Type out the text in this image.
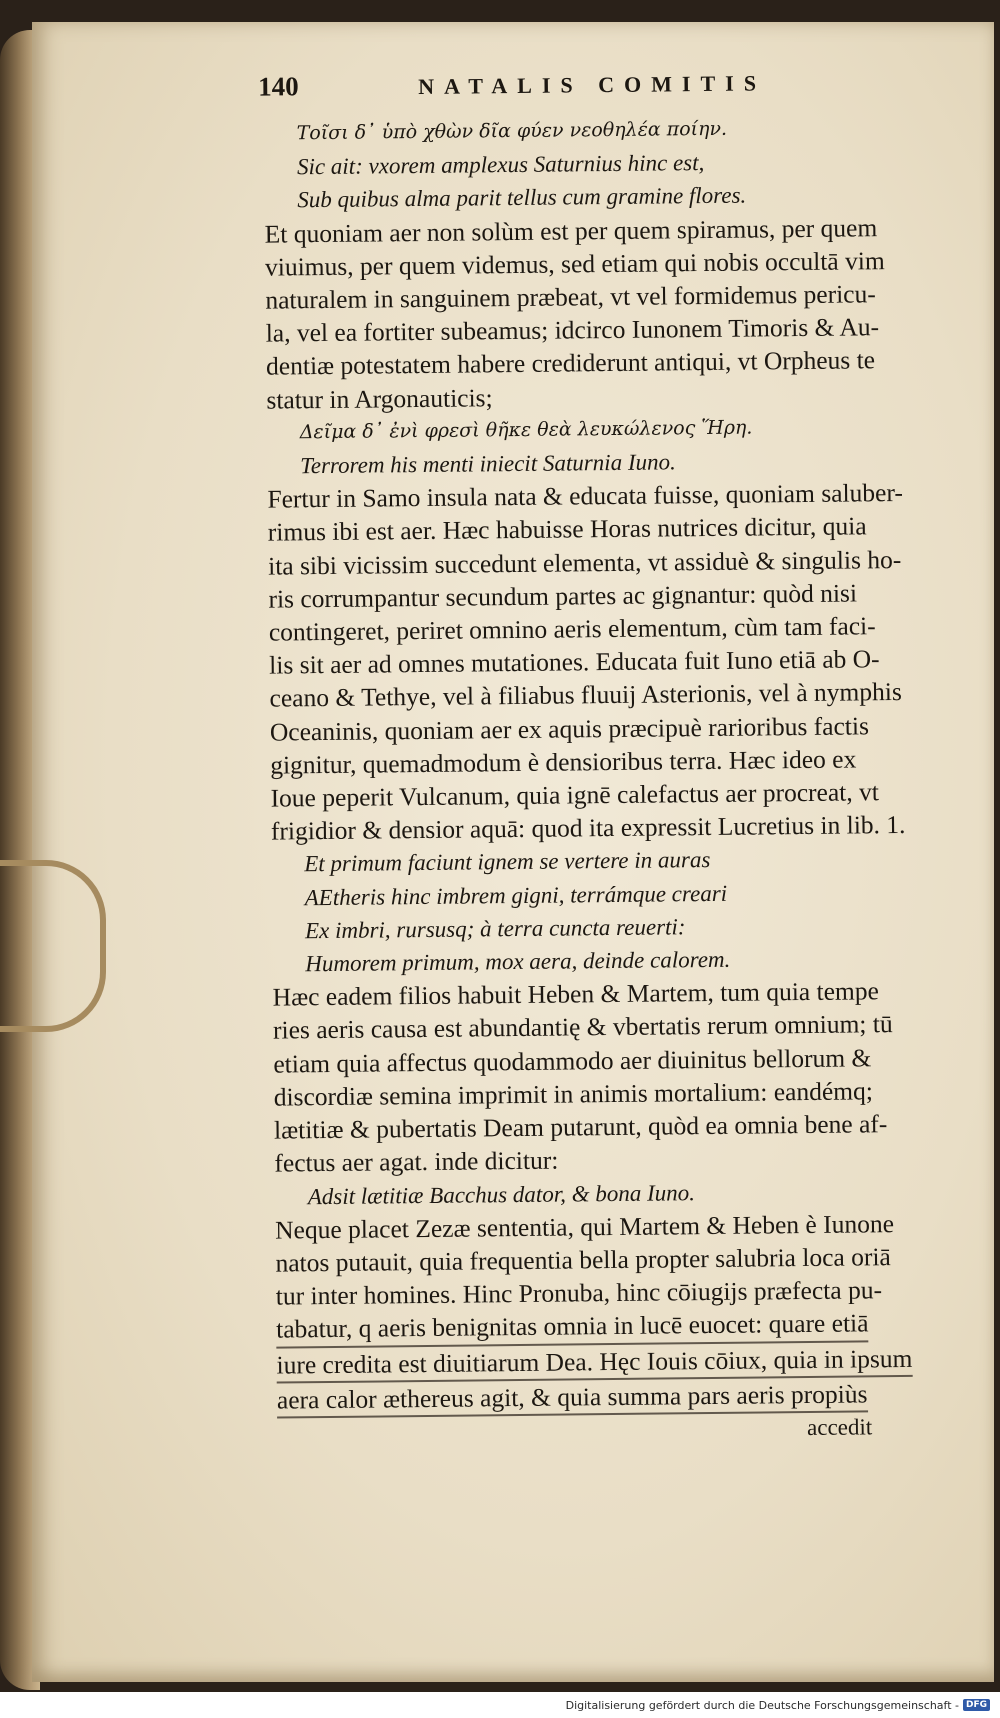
140	NATALIS COMITIS
Τοῖσι δ᾽ ὑπὸ χθὼν δῖα φύεν νεοθηλέα ποίην.
Sic ait: vxorem amplexus Saturnius hinc est,
Sub quibus alma parit tellus cum gramine flores.
Et quoniam aer non solùm est per quem spiramus, per quem
viuimus, per quem videmus, sed etiam qui nobis occultā vim
naturalem in sanguinem præbeat, vt vel formidemus pericu-
la, vel ea fortiter subeamus; idcirco Iunonem Timoris & Au-
dentiæ potestatem habere crediderunt antiqui, vt Orpheus te
statur in Argonauticis;
Δεῖμα δ᾽ ἐνὶ φρεσὶ θῆκε θεὰ λευκώλενος Ἥρη.
Terrorem his menti iniecit Saturnia Iuno.
Fertur in Samo insula nata & educata fuisse, quoniam saluber-
rimus ibi est aer. Hæc habuisse Horas nutrices dicitur, quia
ita sibi vicissim succedunt elementa, vt assiduè & singulis ho-
ris corrumpantur secundum partes ac gignantur: quòd nisi
contingeret, periret omnino aeris elementum, cùm tam faci-
lis sit aer ad omnes mutationes. Educata fuit Iuno etiā ab O-
ceano & Tethye, vel à filiabus fluuij Asterionis, vel à nymphis
Oceaninis, quoniam aer ex aquis præcipuè rarioribus factis
gignitur, quemadmodum è densioribus terra. Hæc ideo ex
Ioue peperit Vulcanum, quia ignē calefactus aer procreat, vt
frigidior & densior aquā: quod ita expressit Lucretius in lib. 1.
Et primum faciunt ignem se vertere in auras
AEtheris hinc imbrem gigni, terrámque creari
Ex imbri, rursusq; à terra cuncta reuerti:
Humorem primum, mox aera, deinde calorem.
Hæc eadem filios habuit Heben & Martem, tum quia tempe
ries aeris causa est abundantię & vbertatis rerum omnium; tū
etiam quia affectus quodammodo aer diuinitus bellorum &
discordiæ semina imprimit in animis mortalium: eandémq;
lætitiæ & pubertatis Deam putarunt, quòd ea omnia bene af-
fectus aer agat. inde dicitur:
Adsit lætitiæ Bacchus dator, & bona Iuno.
Neque placet Zezæ sententia, qui Martem & Heben è Iunone
natos putauit, quia frequentia bella propter salubria loca oriā
tur inter homines. Hinc Pronuba, hinc cōiugijs præfecta pu-
tabatur, q aeris benignitas omnia in lucē euocet: quare etiā
iure credita est diuitiarum Dea. Hęc Iouis cōiux, quia in ipsum
aera calor æthereus agit, & quia summa pars aeris propiùs
accedit
Digitalisierung gefördert durch die Deutsche Forschungsgemeinschaft - DFG
